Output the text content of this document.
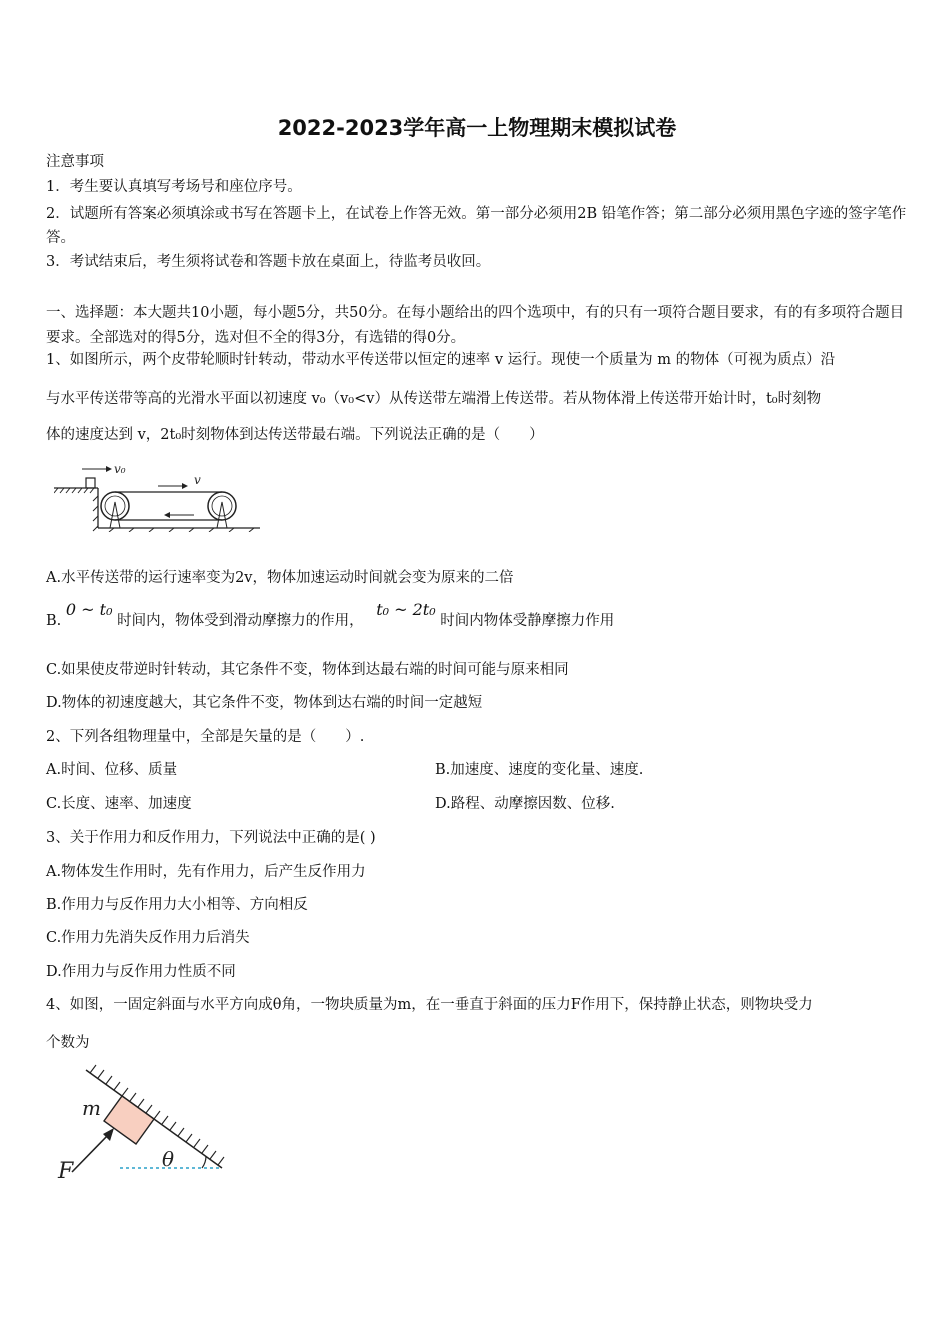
2022-2023学年高一上物理期末模拟试卷
注意事项
1．考生要认真填写考场号和座位序号。
2．试题所有答案必须填涂或书写在答题卡上，在试卷上作答无效。第一部分必须用2B 铅笔作答；第二部分必须用黑色字迹的签字笔作答。
3．考试结束后，考生须将试卷和答题卡放在桌面上，待监考员收回。
一、选择题：本大题共10小题，每小题5分，共50分。在每小题给出的四个选项中，有的只有一项符合题目要求，有的有多项符合题目要求。全部选对的得5分，选对但不全的得3分，有选错的得0分。
1、如图所示，两个皮带轮顺时针转动，带动水平传送带以恒定的速率 v 运行。现使一个质量为 m 的物体（可视为质点）沿
与水平传送带等高的光滑水平面以初速度 v₀（v₀<v）从传送带左端滑上传送带。若从物体滑上传送带开始计时，t₀时刻物
体的速度达到 v，2t₀时刻物体到达传送带最右端。下列说法正确的是（　　）
v₀
v
A.水平传送带的运行速率变为2v，物体加速运动时间就会变为原来的二倍
B. 0 ~ t₀ 时间内，物体受到滑动摩擦力的作用， t₀ ~ 2t₀ 时间内物体受静摩擦力作用
C.如果使皮带逆时针转动，其它条件不变，物体到达最右端的时间可能与原来相同
D.物体的初速度越大，其它条件不变，物体到达右端的时间一定越短
2、下列各组物理量中，全部是矢量的是（　　）.
A.时间、位移、质量	B.加速度、速度的变化量、速度.
C.长度、速率、加速度	D.路程、动摩擦因数、位移.
3、关于作用力和反作用力，下列说法中正确的是( )
A.物体发生作用时，先有作用力，后产生反作用力
B.作用力与反作用力大小相等、方向相反
C.作用力先消失反作用力后消失
D.作用力与反作用力性质不同
4、如图，一固定斜面与水平方向成θ角，一物块质量为m，在一垂直于斜面的压力F作用下，保持静止状态，则物块受力
个数为
m
F	θ
